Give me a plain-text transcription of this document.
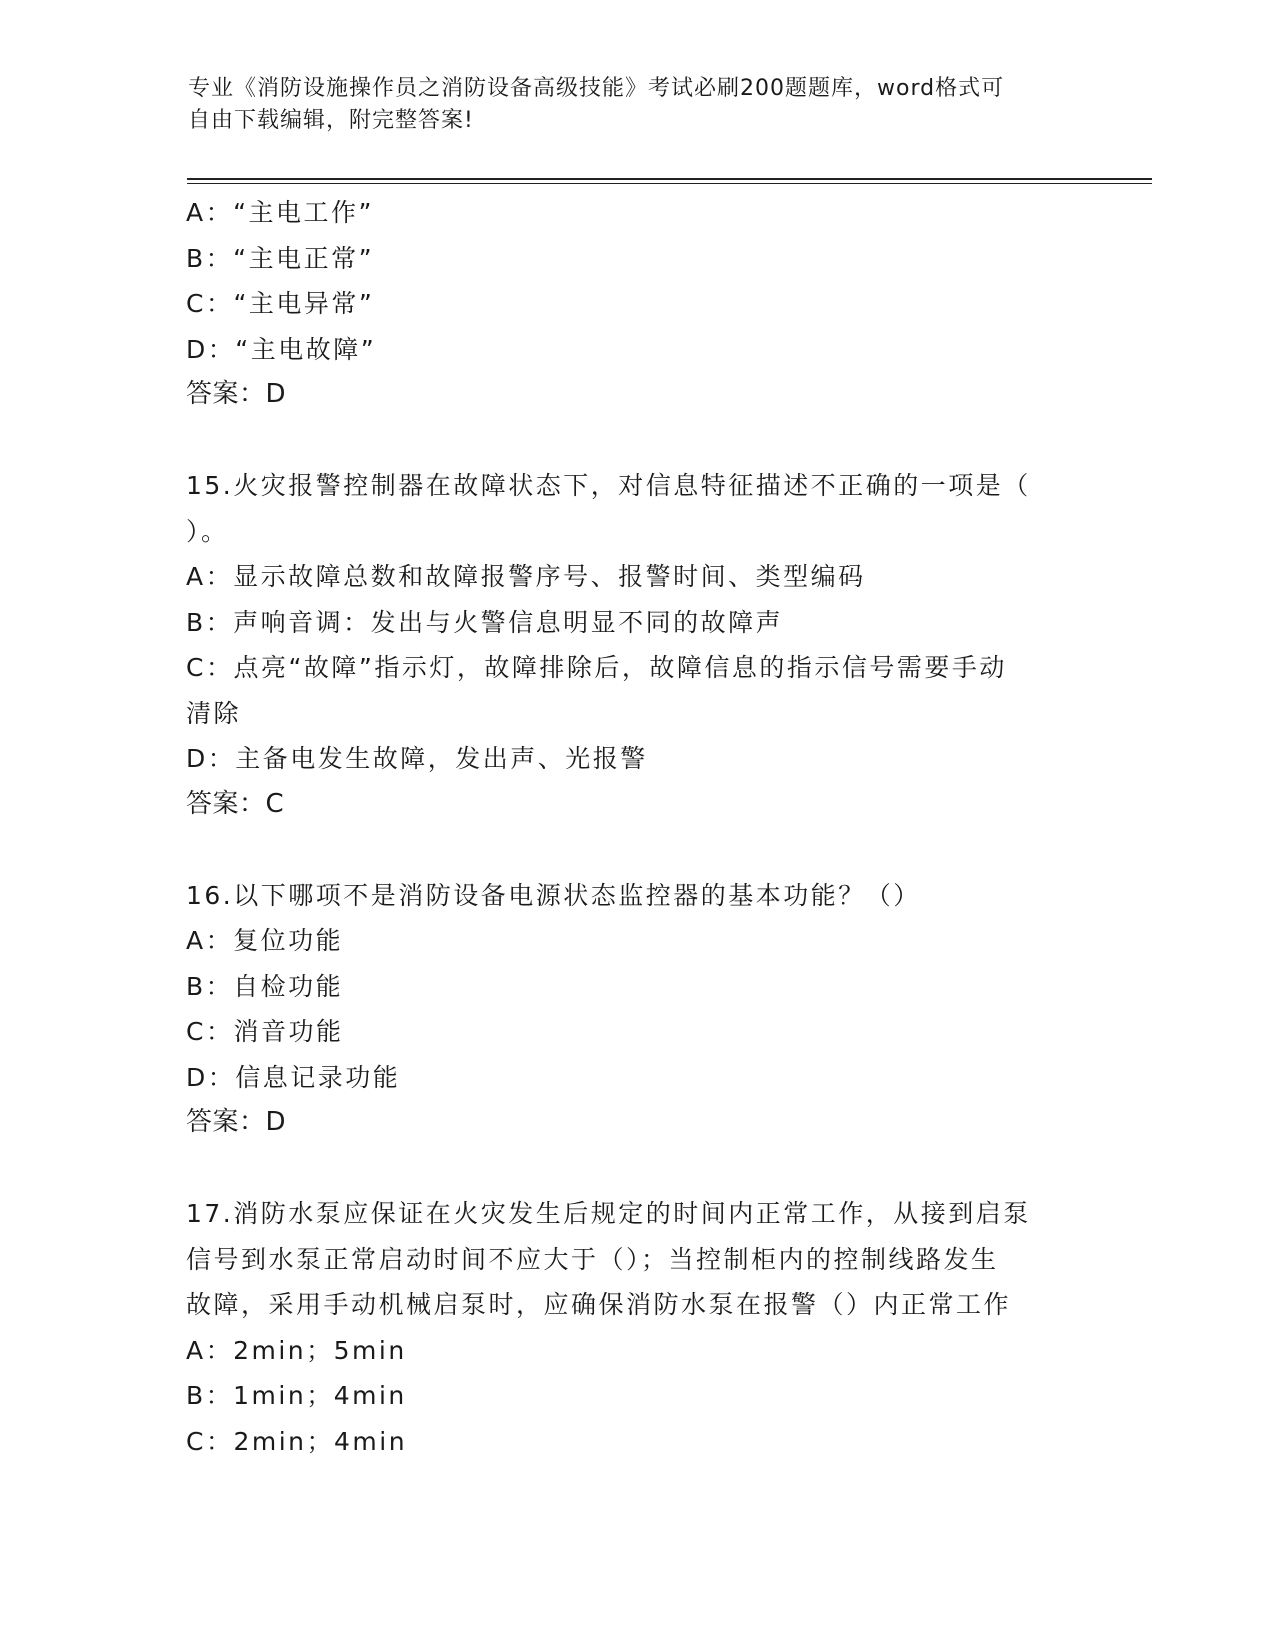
专业《消防设施操作员之消防设备高级技能》考试必刷200题题库，word格式可
自由下载编辑，附完整答案!
A：“主电工作”
B：“主电正常”
C：“主电异常”
D：“主电故障”
答案：D
15.火灾报警控制器在故障状态下，对信息特征描述不正确的一项是（
）。
A：显示故障总数和故障报警序号、报警时间、类型编码
B：声响音调：发出与火警信息明显不同的故障声
C：点亮“故障”指示灯，故障排除后，故障信息的指示信号需要手动
清除
D：主备电发生故障，发出声、光报警
答案：C
16.以下哪项不是消防设备电源状态监控器的基本功能？（）
A：复位功能
B：自检功能
C：消音功能
D：信息记录功能
答案：D
17.消防水泵应保证在火灾发生后规定的时间内正常工作，从接到启泵
信号到水泵正常启动时间不应大于（）；当控制柜内的控制线路发生
故障，采用手动机械启泵时，应确保消防水泵在报警（）内正常工作
A：2min；5min
B：1min；4min
C：2min；4min
